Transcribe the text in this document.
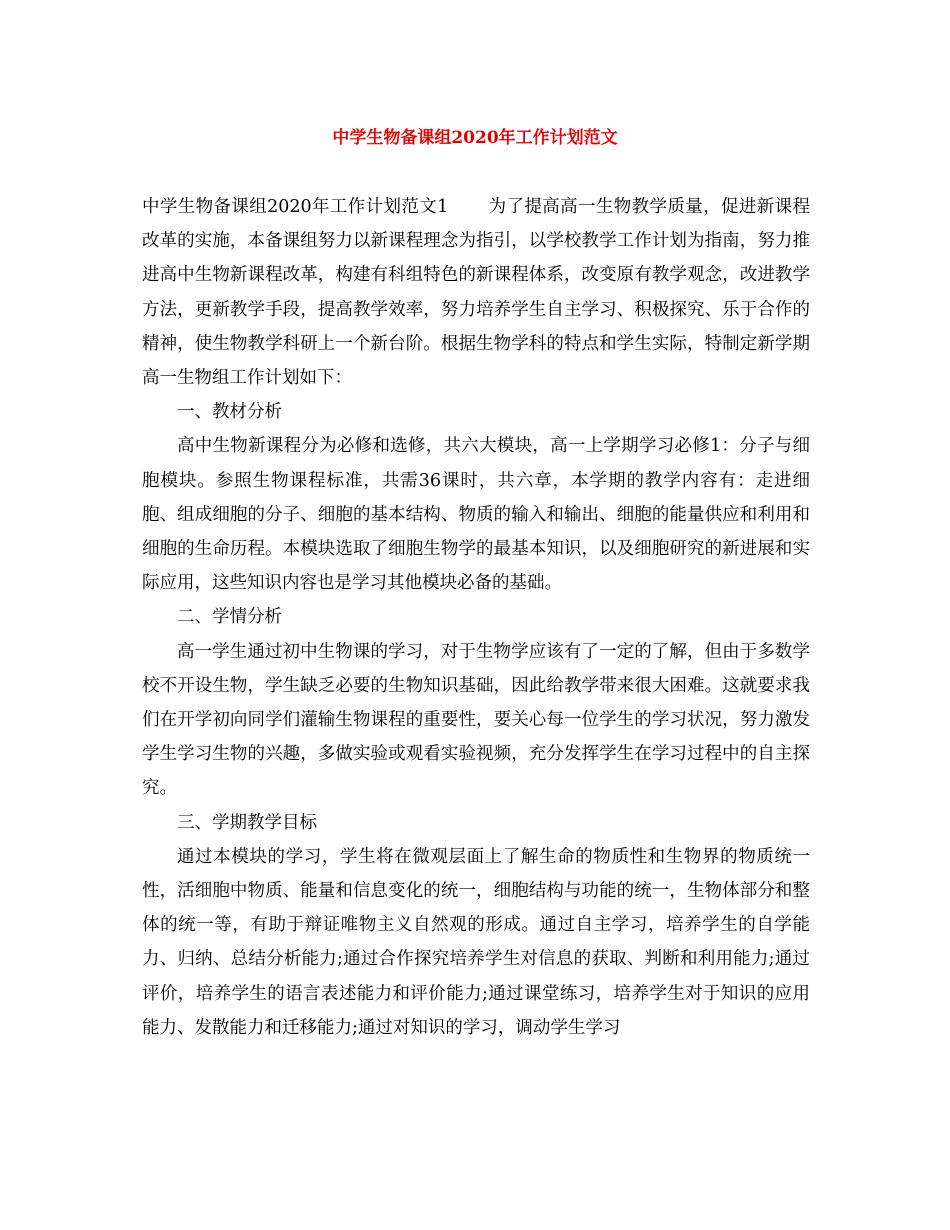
中学生物备课组2020年工作计划范文

中学生物备课组2020年工作计划范文1 为了提高高一生物教学质量，促进新课程改革的实施，本备课组努力以新课程理念为指引，以学校教学工作计划为指南，努力推进高中生物新课程改革，构建有科组特色的新课程体系，改变原有教学观念，改进教学方法，更新教学手段，提高教学效率，努力培养学生自主学习、积极探究、乐于合作的精神，使生物教学科研上一个新台阶。根据生物学科的特点和学生实际，特制定新学期高一生物组工作计划如下：

一、教材分析

高中生物新课程分为必修和选修，共六大模块，高一上学期学习必修1：分子与细胞模块。参照生物课程标准，共需36课时，共六章，本学期的教学内容有：走进细胞、组成细胞的分子、细胞的基本结构、物质的输入和输出、细胞的能量供应和利用和细胞的生命历程。本模块选取了细胞生物学的最基本知识，以及细胞研究的新进展和实际应用，这些知识内容也是学习其他模块必备的基础。

二、学情分析

高一学生通过初中生物课的学习，对于生物学应该有了一定的了解，但由于多数学校不开设生物，学生缺乏必要的生物知识基础，因此给教学带来很大困难。这就要求我们在开学初向同学们灌输生物课程的重要性，要关心每一位学生的学习状况，努力激发学生学习生物的兴趣，多做实验或观看实验视频，充分发挥学生在学习过程中的自主探究。

三、学期教学目标

通过本模块的学习，学生将在微观层面上了解生命的物质性和生物界的物质统一性，活细胞中物质、能量和信息变化的统一，细胞结构与功能的统一，生物体部分和整体的统一等，有助于辩证唯物主义自然观的形成。通过自主学习，培养学生的自学能力、归纳、总结分析能力;通过合作探究培养学生对信息的获取、判断和利用能力;通过评价，培养学生的语言表述能力和评价能力;通过课堂练习，培养学生对于知识的应用能力、发散能力和迁移能力;通过对知识的学习，调动学生学习
